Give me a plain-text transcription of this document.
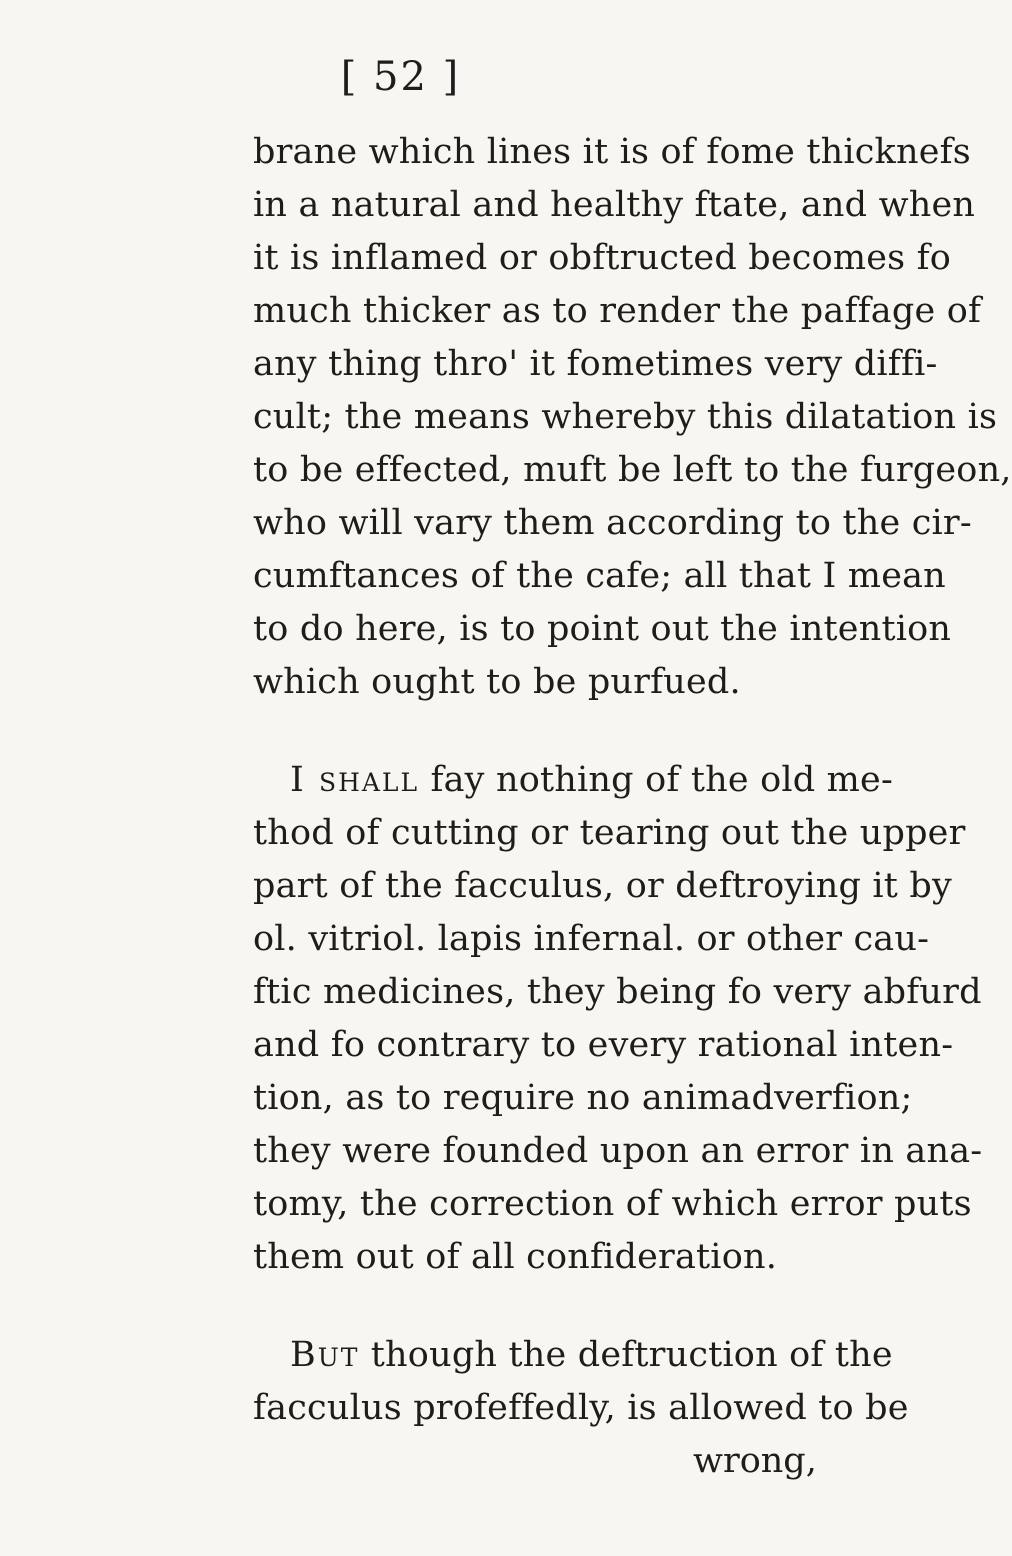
[ 52 ]
brane which lines it is of fome thicknefs
in a natural and healthy ftate, and when
it is inflamed or obftructed becomes fo
much thicker as to render the paffage of
any thing thro' it fometimes very diffi-
cult; the means whereby this dilatation is
to be effected, muft be left to the furgeon,
who will vary them according to the cir-
cumftances of the cafe; all that I mean
to do here, is to point out the intention
which ought to be purfued.
I shall fay nothing of the old me-
thod of cutting or tearing out the upper
part of the facculus, or deftroying it by
ol. vitriol. lapis infernal. or other cau-
ftic medicines, they being fo very abfurd
and fo contrary to every rational inten-
tion, as to require no animadverfion;
they were founded upon an error in ana-
tomy, the correction of which error puts
them out of all confideration.
But though the deftruction of the
facculus profeffedly, is allowed to be
wrong,
